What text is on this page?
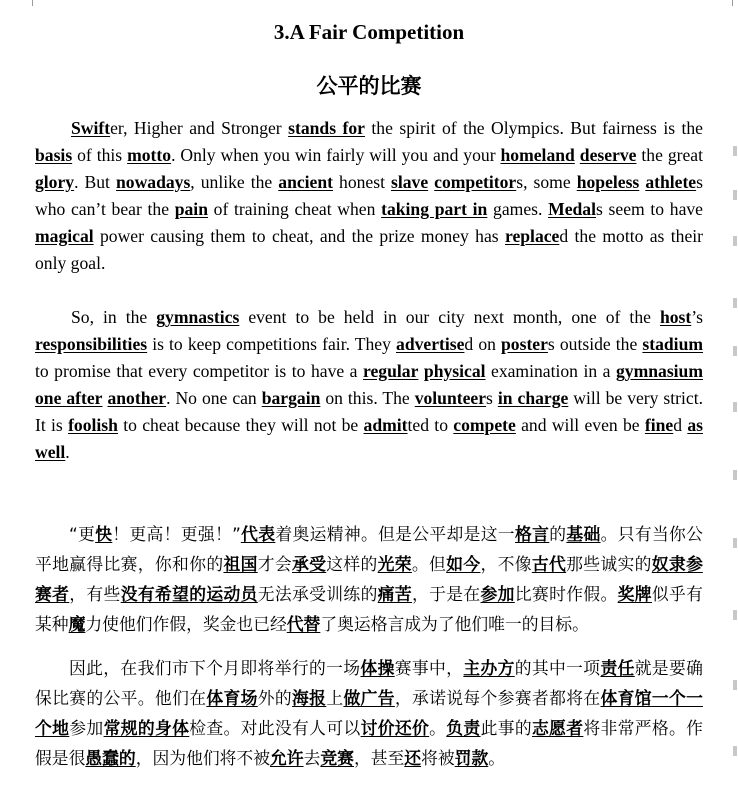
3.A Fair Competition
公平的比赛

Swifter, Higher and Stronger stands for the spirit of the Olympics. But fairness is the basis of this motto. Only when you win fairly will you and your homeland deserve the great glory. But nowadays, unlike the ancient honest slave competitors, some hopeless athletes who can’t bear the pain of training cheat when taking part in games. Medals seem to have magical power causing them to cheat, and the prize money has replaced the motto as their only goal.

So, in the gymnastics event to be held in our city next month, one of the host’s responsibilities is to keep competitions fair. They advertised on posters outside the stadium to promise that every competitor is to have a regular physical examination in a gymnasium one after another. No one can bargain on this. The volunteers in charge will be very strict. It is foolish to cheat because they will not be admitted to compete and will even be fined as well.

“更快！更高！更强！”代表着奥运精神。但是公平却是这一格言的基础。只有当你公平地赢得比赛，你和你的祖国才会承受这样的光荣。但如今，不像古代那些诚实的奴隶参赛者，有些没有希望的运动员无法承受训练的痛苦，于是在参加比赛时作假。奖牌似乎有某种魔力使他们作假，奖金也已经代替了奥运格言成为了他们唯一的目标。

因此，在我们市下个月即将举行的一场体操赛事中，主办方的其中一项责任就是要确保比赛的公平。他们在体育场外的海报上做广告，承诺说每个参赛者都将在体育馆一个一个地参加常规的身体检查。对此没有人可以讨价还价。负责此事的志愿者将非常严格。作假是很愚蠢的，因为他们将不被允许去竞赛，甚至还将被罚款。
